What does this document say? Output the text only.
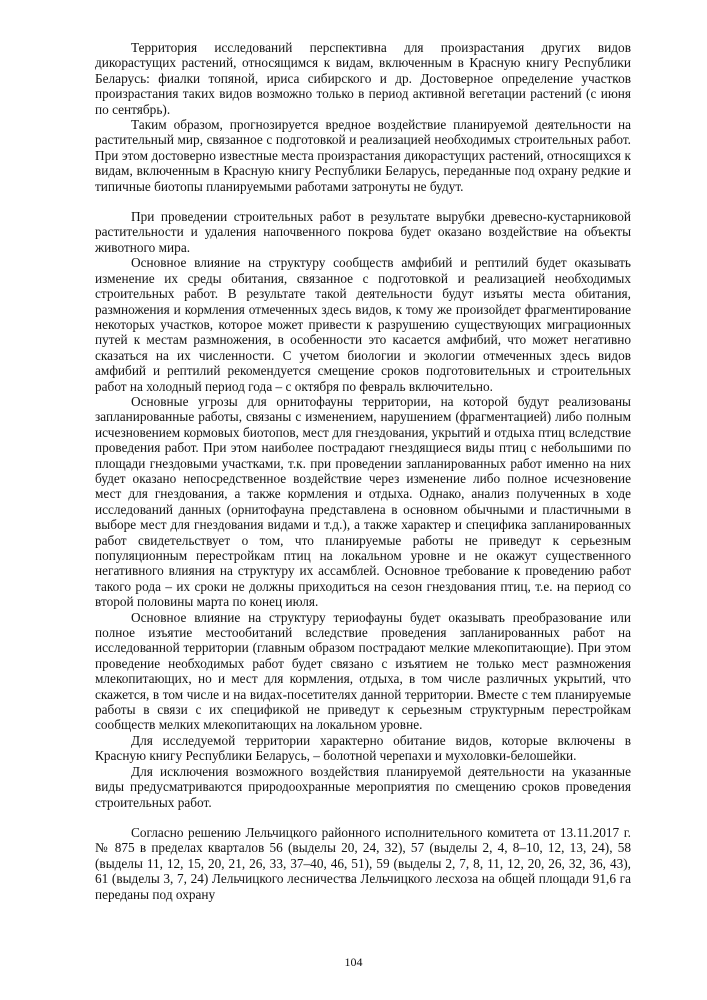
Территория исследований перспективна для произрастания других видов дикорастущих растений, относящимся к видам, включенным в Красную книгу Республики Беларусь: фиалки топяной, ириса сибирского и др. Достоверное определение участков произрастания таких видов возможно только в период активной вегетации растений (с июня по сентябрь).

Таким образом, прогнозируется вредное воздействие планируемой деятельности на растительный мир, связанное с подготовкой и реализацией необходимых строительных работ. При этом достоверно известные места произрастания дикорастущих растений, относящихся к видам, включенным в Красную книгу Республики Беларусь, переданные под охрану редкие и типичные биотопы планируемыми работами затронуты не будут.

При проведении строительных работ в результате вырубки древесно-кустарниковой растительности и удаления напочвенного покрова будет оказано воздействие на объекты животного мира.

Основное влияние на структуру сообществ амфибий и рептилий будет оказывать изменение их среды обитания, связанное с подготовкой и реализацией необходимых строительных работ. В результате такой деятельности будут изъяты места обитания, размножения и кормления отмеченных здесь видов, к тому же произойдет фрагментирование некоторых участков, которое может привести к разрушению существующих миграционных путей к местам размножения, в особенности это касается амфибий, что может негативно сказаться на их численности. С учетом биологии и экологии отмеченных здесь видов амфибий и рептилий рекомендуется смещение сроков подготовительных и строительных работ на холодный период года – с октября по февраль включительно.

Основные угрозы для орнитофауны территории, на которой будут реализованы запланированные работы, связаны с изменением, нарушением (фрагментацией) либо полным исчезновением кормовых биотопов, мест для гнездования, укрытий и отдыха птиц вследствие проведения работ. При этом наиболее пострадают гнездящиеся виды птиц с небольшими по площади гнездовыми участками, т.к. при проведении запланированных работ именно на них будет оказано непосредственное воздействие через изменение либо полное исчезновение мест для гнездования, а также кормления и отдыха. Однако, анализ полученных в ходе исследований данных (орнитофауна представлена в основном обычными и пластичными в выборе мест для гнездования видами и т.д.), а также характер и специфика запланированных работ свидетельствует о том, что планируемые работы не приведут к серьезным популяционным перестройкам птиц на локальном уровне и не окажут существенного негативного влияния на структуру их ассамблей. Основное требование к проведению работ такого рода – их сроки не должны приходиться на сезон гнездования птиц, т.е. на период со второй половины марта по конец июля.

Основное влияние на структуру териофауны будет оказывать преобразование или полное изъятие местообитаний вследствие проведения запланированных работ на исследованной территории (главным образом пострадают мелкие млекопитающие). При этом проведение необходимых работ будет связано с изъятием не только мест размножения млекопитающих, но и мест для кормления, отдыха, в том числе различных укрытий, что скажется, в том числе и на видах-посетителях данной территории. Вместе с тем планируемые работы в связи с их спецификой не приведут к серьезным структурным перестройкам сообществ мелких млекопитающих на локальном уровне.

Для исследуемой территории характерно обитание видов, которые включены в Красную книгу Республики Беларусь, – болотной черепахи и мухоловки-белошейки.

Для исключения возможного воздействия планируемой деятельности на указанные виды предусматриваются природоохранные мероприятия по смещению сроков проведения строительных работ.

Согласно решению Лельчицкого районного исполнительного комитета от 13.11.2017 г. № 875 в пределах кварталов 56 (выделы 20, 24, 32), 57 (выделы 2, 4, 8–10, 12, 13, 24), 58 (выделы 11, 12, 15, 20, 21, 26, 33, 37–40, 46, 51), 59 (выделы 2, 7, 8, 11, 12, 20, 26, 32, 36, 43), 61 (выделы 3, 7, 24) Лельчицкого лесничества Лельчицкого лесхоза на общей площади 91,6 га переданы под охрану

104
